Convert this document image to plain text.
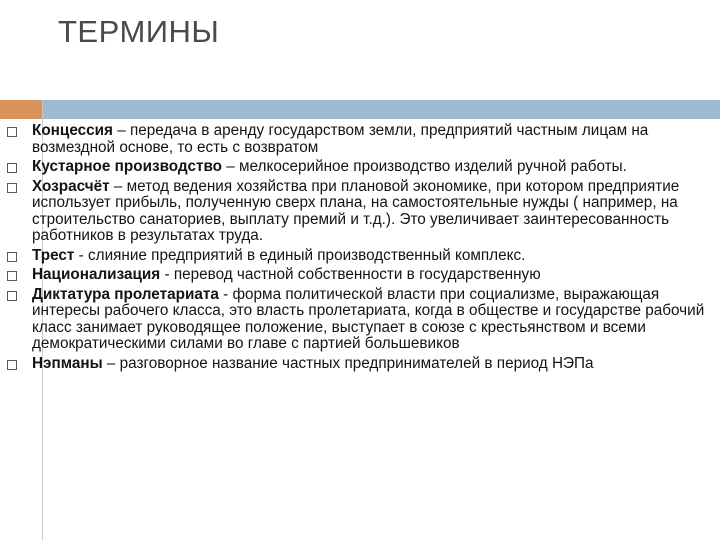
ТЕРМИНЫ
Концессия – передача в аренду государством земли, предприятий частным лицам на возмездной основе, то есть с возвратом
Кустарное производство – мелкосерийное производство изделий ручной работы.
Хозрасчёт – метод ведения хозяйства при плановой экономике, при котором предприятие использует прибыль, полученную сверх плана, на самостоятельные нужды ( например, на строительство санаториев, выплату премий и т.д.). Это увеличивает заинтересованность работников в результатах труда.
Трест - слияние предприятий в единый производственный комплекс.
Национализация - перевод частной собственности в государственную
Диктатура пролетариата - форма политической власти при социализме, выражающая интересы рабочего класса, это власть пролетариата, когда в обществе и государстве рабочий класс занимает руководящее положение, выступает в союзе с крестьянством и всеми демократическими силами во главе с партией большевиков
Нэпманы – разговорное название частных предпринимателей в период НЭПа
